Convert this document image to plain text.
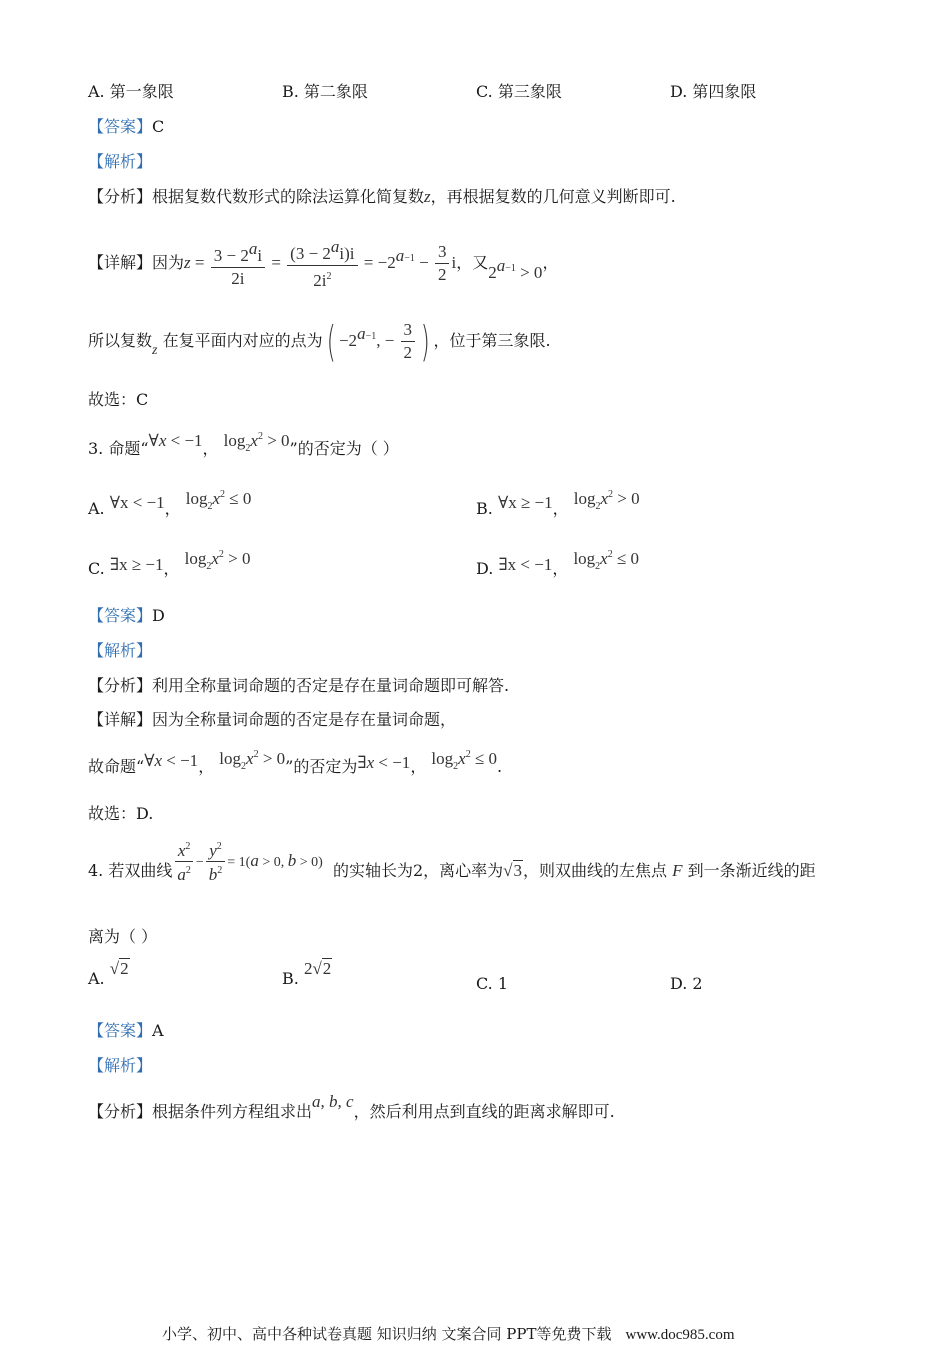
A. 第一象限	B. 第二象限	C. 第三象限	D. 第四象限
【答案】C
【解析】
【分析】根据复数代数形式的除法运算化简复数z，再根据复数的几何意义判断即可.
【详解】因为$z = \frac{3 - 2^ai}{2i} = \frac{(3 - 2^ai)i}{2i^2} = -2^{a-1} - \frac{3}{2}$ i，又$2^{a-1} > 0$，
所以复数z 在复平面内对应的点为( $-2^{a-1}$, − $\frac{3}{2}$ ) ，位于第三象限.
故选：C
3. 命题“∀x < −1， $\log_2x^2 > 0$”的否定为（ ）
A. ∀x < −1， $\log_2x^2 \le 0$
B. ∀x ≥ −1， $\log_2x^2 > 0$
C. ∃x ≥ −1， $\log_2x^2 > 0$
D. ∃x < −1， $\log_2x^2 \le 0$
【答案】D
【解析】
【分析】利用全称量词命题的否定是存在量词命题即可解答.
【详解】因为全称量词命题的否定是存在量词命题，
故命题“∀x < −1， $\log_2x^2 > 0$”的否定为∃x < −1， $\log_2x^2 \le 0$.
故选：D.
4. 若双曲线 $\frac{x^2}{a^2} - \frac{y^2}{b^2} = 1(a > 0$, b > 0) 的实轴长为2，离心率为√3，则双曲线的左焦点 F 到一条渐近线的距
离为（ ）
A. √2
B. 2√2
C. 1	D. 2
【答案】A
【解析】
【分析】根据条件列方程组求出a, b, c，然后利用点到直线的距离求解即可.
小学、初中、高中各种试卷真题 知识归纳 文案合同 PPT等免费下载 www.doc985.com
